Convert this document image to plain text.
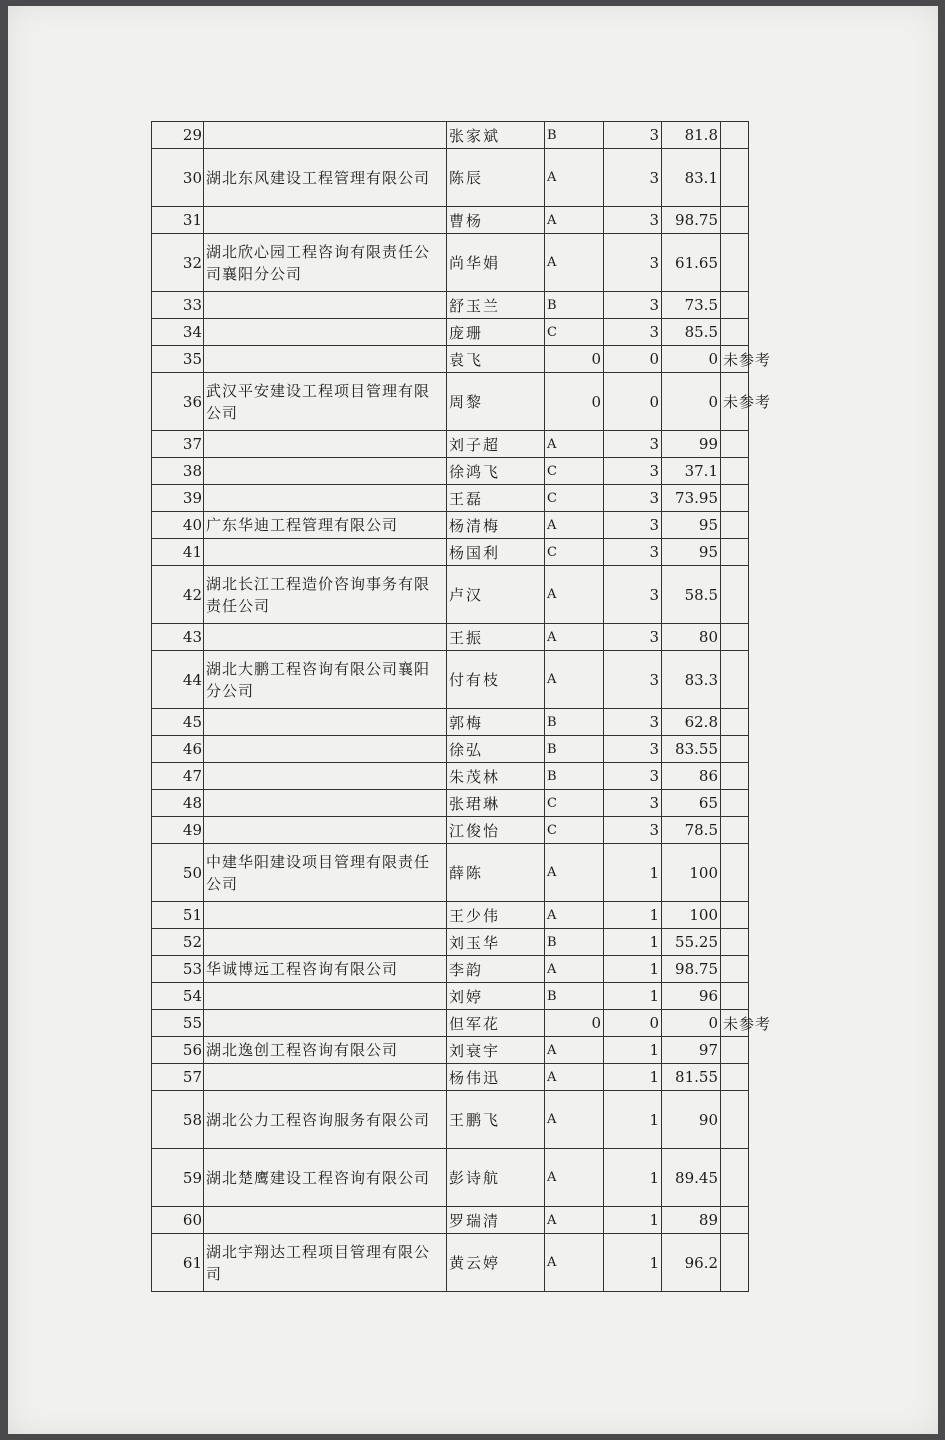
29		张家斌	B	3	81.8	
30	湖北东风建设工程管理有限公司	陈辰	A	3	83.1	
31		曹杨	A	3	98.75	
32	湖北欣心园工程咨询有限责任公司襄阳分公司	尚华娟	A	3	61.65	
33		舒玉兰	B	3	73.5	
34		庞珊	C	3	85.5	
35		袁飞	0	0	0	未参考
36	武汉平安建设工程项目管理有限公司	周黎	0	0	0	未参考
37		刘子超	A	3	99	
38		徐鸿飞	C	3	37.1	
39		王磊	C	3	73.95	
40	广东华迪工程管理有限公司	杨清梅	A	3	95	
41		杨国利	C	3	95	
42	湖北长江工程造价咨询事务有限责任公司	卢汉	A	3	58.5	
43		王振	A	3	80	
44	湖北大鹏工程咨询有限公司襄阳分公司	付有枝	A	3	83.3	
45		郭梅	B	3	62.8	
46		徐弘	B	3	83.55	
47		朱茂林	B	3	86	
48		张珺琳	C	3	65	
49		江俊怡	C	3	78.5	
50	中建华阳建设项目管理有限责任公司	薛陈	A	1	100	
51		王少伟	A	1	100	
52		刘玉华	B	1	55.25	
53	华诚博远工程咨询有限公司	李韵	A	1	98.75	
54		刘婷	B	1	96	
55		但军花	0	0	0	未参考
56	湖北逸创工程咨询有限公司	刘衰宇	A	1	97	
57		杨伟迅	A	1	81.55	
58	湖北公力工程咨询服务有限公司	王鹏飞	A	1	90	
59	湖北楚鹰建设工程咨询有限公司	彭诗航	A	1	89.45	
60		罗瑞清	A	1	89	
61	湖北宇翔达工程项目管理有限公司	黄云婷	A	1	96.2	
